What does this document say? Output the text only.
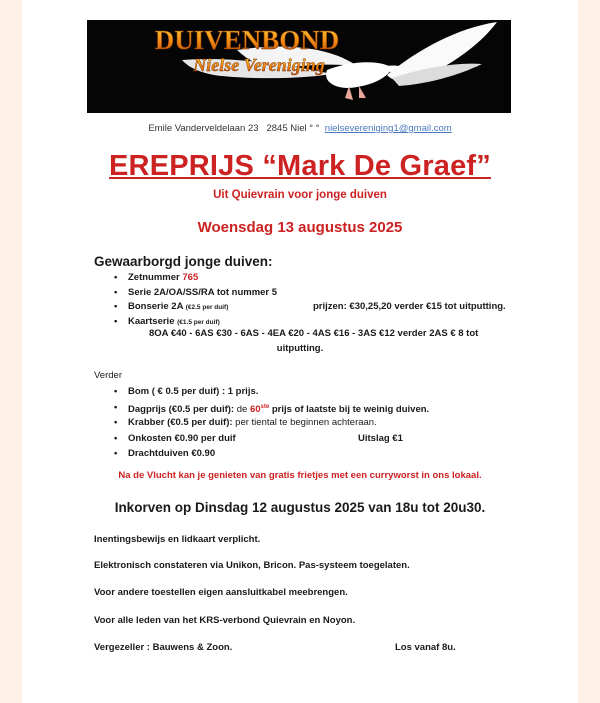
DUIVENBOND
Nielse Vereniging
Emile Vanderveldelaan 23 2845 Niel ° ° nielsevereniging1@gmail.com
EREPRIJS “Mark De Graef”
Uit Quievrain voor jonge duiven
Woensdag 13 augustus 2025
Gewaarborgd jonge duiven:
• Zetnummer 765
• Serie 2A/OA/SS/RA tot nummer 5
• Bonserie 2A (€2.5 per duif)	prijzen: €30,25,20 verder €15 tot uitputting.
• Kaartserie (€1.5 per duif)
8OA €40 - 6AS €30 - 6AS - 4EA €20 - 4AS €16 - 3AS €12 verder 2AS € 8 tot
uitputting.
Verder
• Bom ( € 0.5 per duif) : 1 prijs.
• Dagprijs (€0.5 per duif): de 60ste prijs of laatste bij te weinig duiven.
• Krabber (€0.5 per duif): per tiental te beginnen achteraan.
• Onkosten €0.90 per duif	Uitslag €1
• Drachtduiven €0.90
Na de Vlucht kan je genieten van gratis frietjes met een curryworst in ons lokaal.
Inkorven op Dinsdag 12 augustus 2025 van 18u tot 20u30.
Inentingsbewijs en lidkaart verplicht.
Elektronisch constateren via Unikon, Bricon. Pas-systeem toegelaten.
Voor andere toestellen eigen aansluitkabel meebrengen.
Voor alle leden van het KRS-verbond Quievrain en Noyon.
Vergezeller : Bauwens & Zoon.	Los vanaf 8u.
